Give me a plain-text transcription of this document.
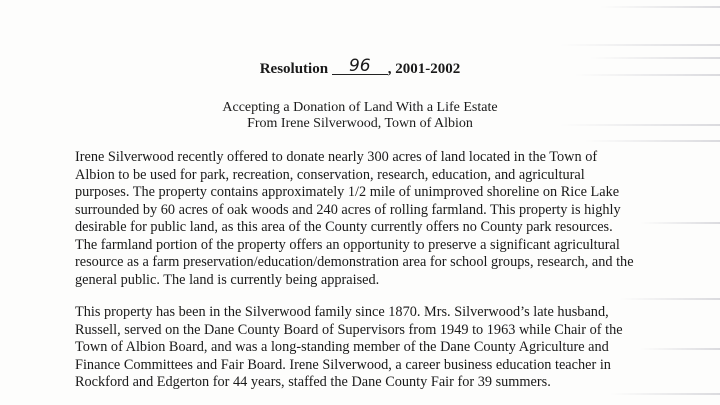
Resolution 96 , 2001-2002
Accepting a Donation of Land With a Life Estate
From Irene Silverwood, Town of Albion
Irene Silverwood recently offered to donate nearly 300 acres of land located in the Town of
Albion to be used for park, recreation, conservation, research, education, and agricultural
purposes. The property contains approximately 1/2 mile of unimproved shoreline on Rice Lake
surrounded by 60 acres of oak woods and 240 acres of rolling farmland. This property is highly
desirable for public land, as this area of the County currently offers no County park resources.
The farmland portion of the property offers an opportunity to preserve a significant agricultural
resource as a farm preservation/education/demonstration area for school groups, research, and the
general public. The land is currently being appraised.
This property has been in the Silverwood family since 1870. Mrs. Silverwood’s late husband,
Russell, served on the Dane County Board of Supervisors from 1949 to 1963 while Chair of the
Town of Albion Board, and was a long-standing member of the Dane County Agriculture and
Finance Committees and Fair Board. Irene Silverwood, a career business education teacher in
Rockford and Edgerton for 44 years, staffed the Dane County Fair for 39 summers.
